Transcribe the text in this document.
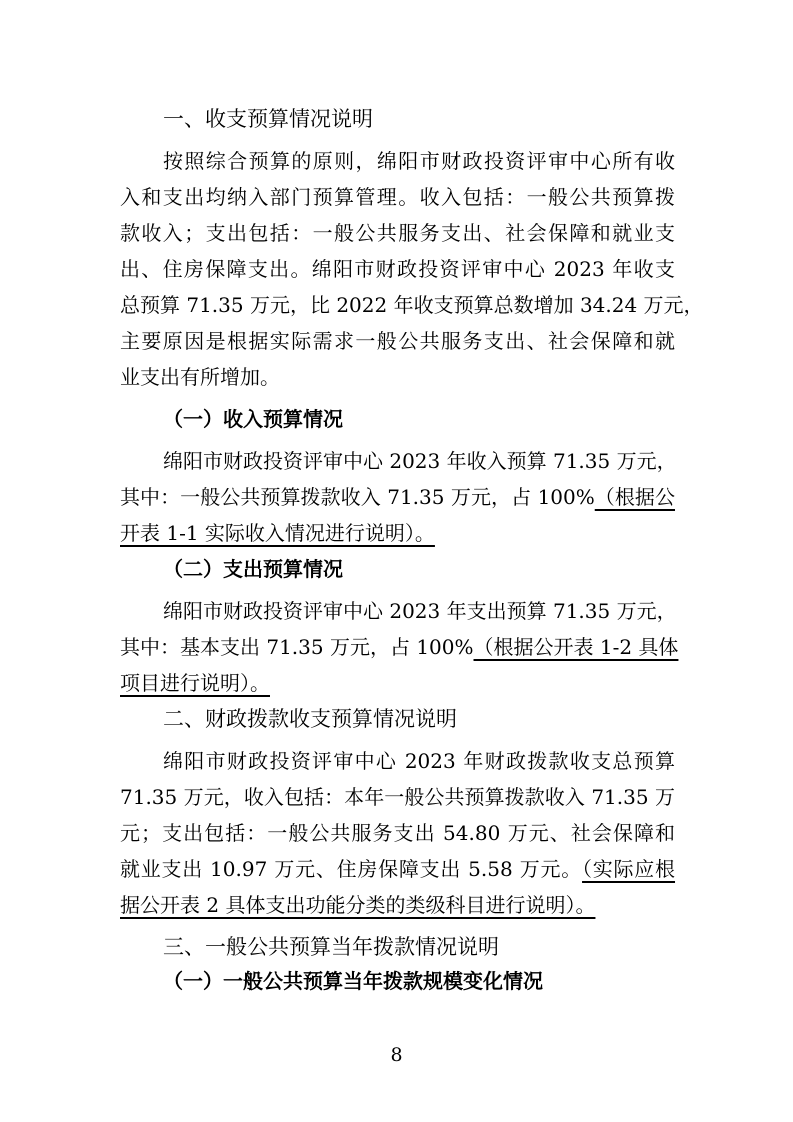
一、收支预算情况说明
按照综合预算的原则，绵阳市财政投资评审中心所有收
入和支出均纳入部门预算管理。收入包括：一般公共预算拨
款收入；支出包括：一般公共服务支出、社会保障和就业支
出、住房保障支出。绵阳市财政投资评审中心 2023 年收支
总预算 71.35 万元，比 2022 年收支预算总数增加 34.24 万元，
主要原因是根据实际需求一般公共服务支出、社会保障和就
业支出有所增加。
（一）收入预算情况
绵阳市财政投资评审中心 2023 年收入预算 71.35 万元，
其中：一般公共预算拨款收入 71.35 万元，占 100%（根据公
开表 1-1 实际收入情况进行说明）。
（二）支出预算情况
绵阳市财政投资评审中心 2023 年支出预算 71.35 万元，
其中：基本支出 71.35 万元，占 100%（根据公开表 1-2 具体
项目进行说明）。
二、财政拨款收支预算情况说明
绵阳市财政投资评审中心 2023 年财政拨款收支总预算
71.35 万元，收入包括：本年一般公共预算拨款收入 71.35 万
元；支出包括：一般公共服务支出 54.80 万元、社会保障和
就业支出 10.97 万元、住房保障支出 5.58 万元。（实际应根
据公开表 2 具体支出功能分类的类级科目进行说明）。
三、一般公共预算当年拨款情况说明
（一）一般公共预算当年拨款规模变化情况
8
